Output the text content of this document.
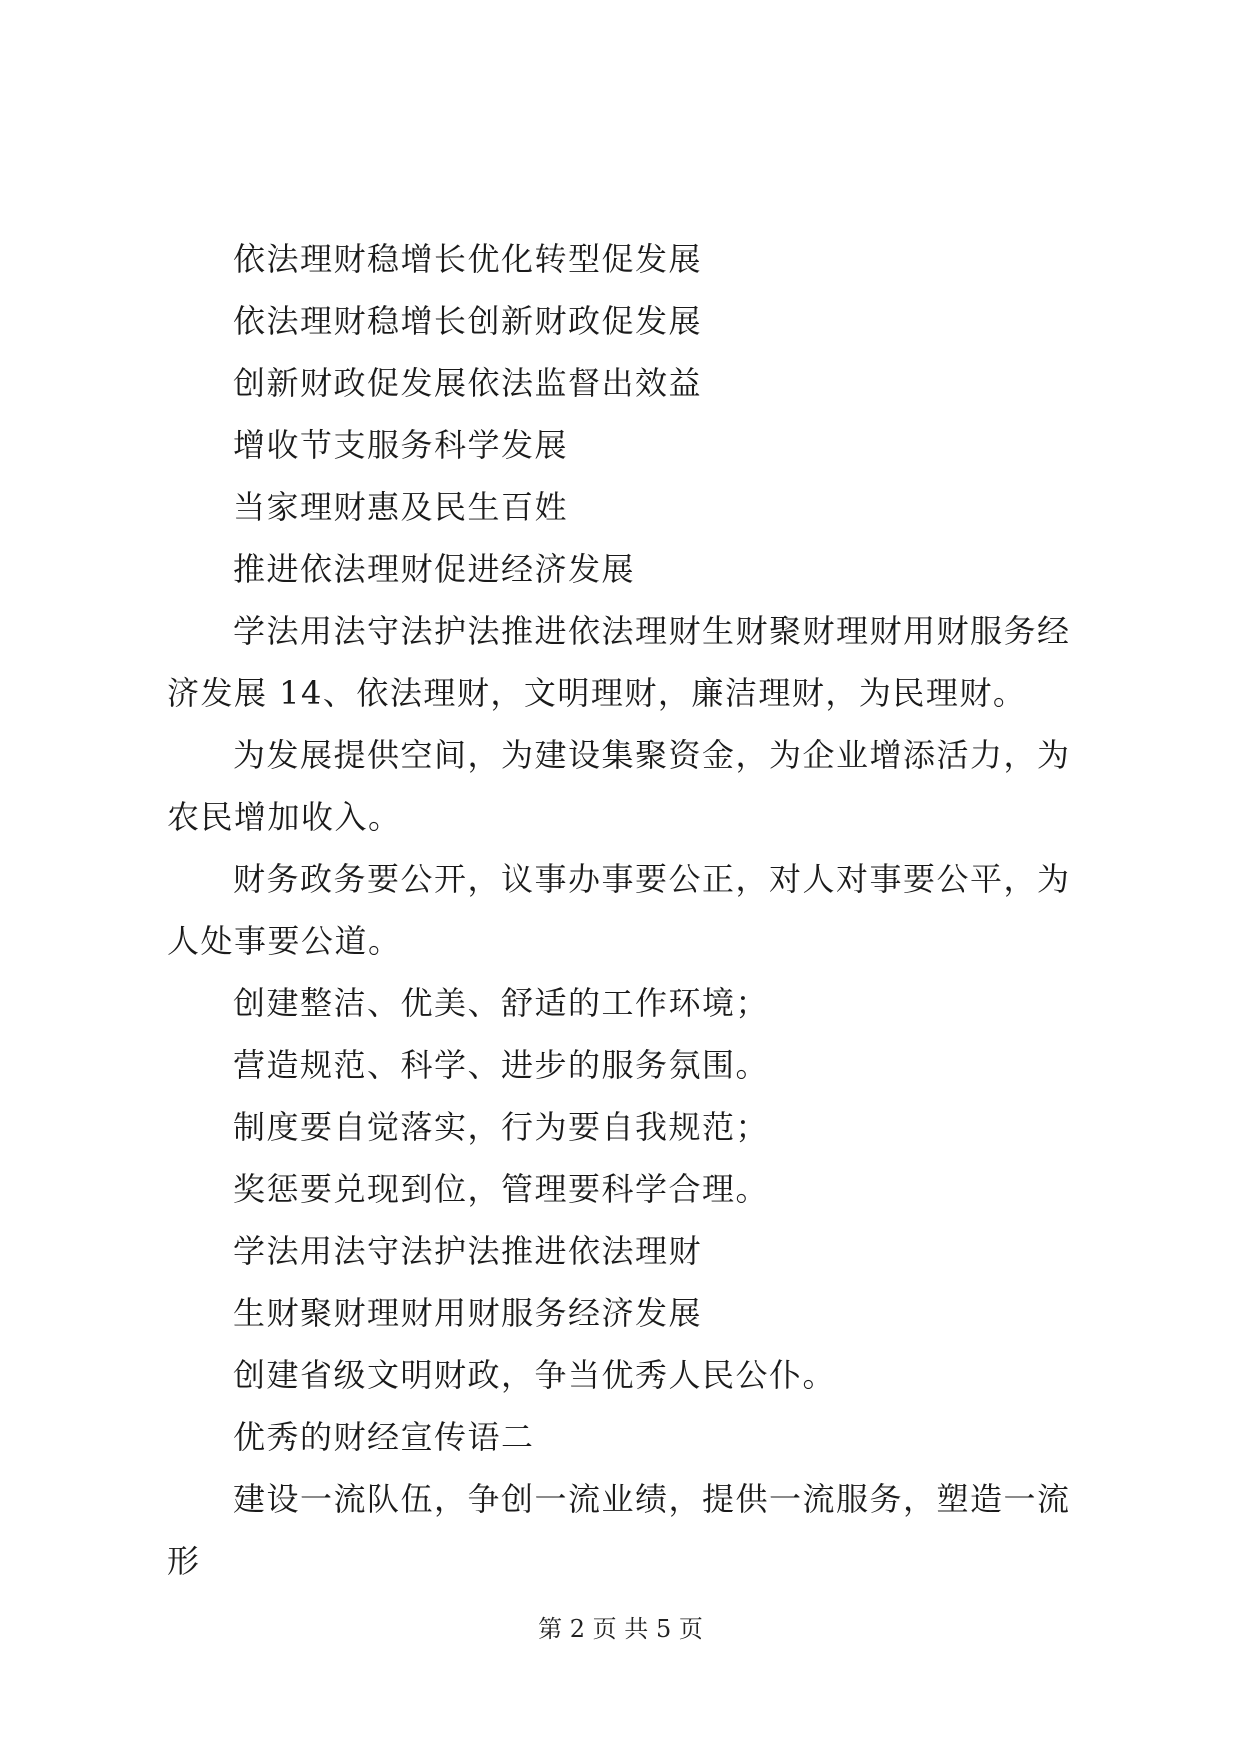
依法理财稳增长优化转型促发展

依法理财稳增长创新财政促发展

创新财政促发展依法监督出效益

增收节支服务科学发展

当家理财惠及民生百姓

推进依法理财促进经济发展

学法用法守法护法推进依法理财生财聚财理财用财服务经济发展 14、依法理财，文明理财，廉洁理财，为民理财。

为发展提供空间，为建设集聚资金，为企业增添活力，为农民增加收入。

财务政务要公开，议事办事要公正，对人对事要公平，为人处事要公道。

创建整洁、优美、舒适的工作环境；

营造规范、科学、进步的服务氛围。

制度要自觉落实，行为要自我规范；

奖惩要兑现到位，管理要科学合理。

学法用法守法护法推进依法理财

生财聚财理财用财服务经济发展

创建省级文明财政，争当优秀人民公仆。

优秀的财经宣传语二

建设一流队伍，争创一流业绩，提供一流服务，塑造一流形

第 2 页 共 5 页
